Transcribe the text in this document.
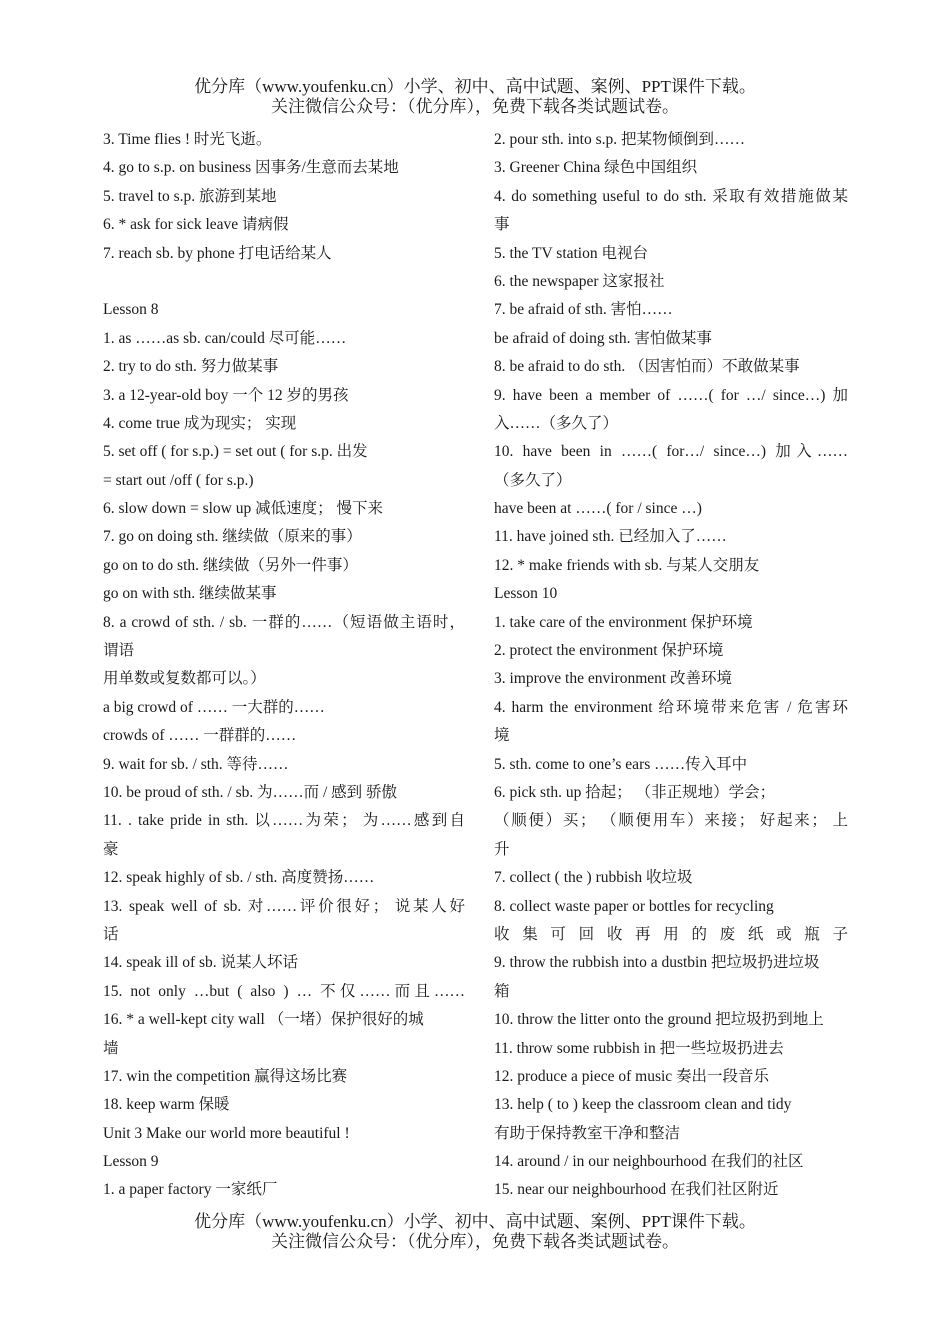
优分库（www.youfenku.cn）小学、初中、高中试题、案例、PPT课件下载。
关注微信公众号：（优分库），免费下载各类试题试卷。
3. Time flies ! 时光飞逝。
4. go to s.p. on business 因事务/生意而去某地
5. travel to s.p. 旅游到某地
6. * ask for sick leave 请病假
7. reach sb. by phone 打电话给某人
Lesson 8
1. as ……as sb. can/could 尽可能……
2. try to do sth. 努力做某事
3. a 12-year-old boy 一个 12 岁的男孩
4. come true 成为现实； 实现
5. set off ( for s.p.) = set out ( for s.p. 出发
= start out /off ( for s.p.)
6. slow down = slow up 减低速度； 慢下来
7. go on doing sth. 继续做（原来的事）
go on to do sth. 继续做（另外一件事）
go on with sth. 继续做某事
8. a crowd of sth. / sb. 一群的……（短语做主语时，
谓语
用单数或复数都可以。）
a big crowd of …… 一大群的……
crowds of …… 一群群的……
9. wait for sb. / sth. 等待……
10. be proud of sth. / sb. 为……而 / 感到 骄傲
11. . take pride in sth. 以……为荣； 为……感到自
豪
12. speak highly of sb. / sth. 高度赞扬……
13. speak well of sb. 对……评价很好； 说某人好
话
14. speak ill of sb. 说某人坏话
15. not only …but ( also ) … 不仅……而且……
16. * a well-kept city wall （一堵）保护很好的城
墙
17. win the competition 赢得这场比赛
18. keep warm 保暖
Unit 3 Make our world more beautiful !
Lesson 9
1. a paper factory 一家纸厂
2. pour sth. into s.p. 把某物倾倒到……
3. Greener China 绿色中国组织
4. do something useful to do sth. 采取有效措施做某
事
5. the TV station 电视台
6. the newspaper 这家报社
7. be afraid of sth. 害怕……
be afraid of doing sth. 害怕做某事
8. be afraid to do sth. （因害怕而）不敢做某事
9. have been a member of ……( for …/ since…) 加
入……（多久了）
10. have been in ……( for…/ since…) 加入……
（多久了）
have been at ……( for / since …)
11. have joined sth. 已经加入了……
12. * make friends with sb. 与某人交朋友
Lesson 10
1. take care of the environment 保护环境
2. protect the environment 保护环境
3. improve the environment 改善环境
4. harm the environment 给环境带来危害 / 危害环
境
5. sth. come to one’s ears ……传入耳中
6. pick sth. up 拾起； （非正规地）学会；
（顺便）买； （顺便用车）来接； 好起来； 上
升
7. collect ( the ) rubbish 收垃圾
8. collect waste paper or bottles for recycling
收集可回收再用的废纸或瓶子
9. throw the rubbish into a dustbin 把垃圾扔进垃圾
箱
10. throw the litter onto the ground 把垃圾扔到地上
11. throw some rubbish in 把一些垃圾扔进去
12. produce a piece of music 奏出一段音乐
13. help ( to ) keep the classroom clean and tidy
有助于保持教室干净和整洁
14. around / in our neighbourhood 在我们的社区
15. near our neighbourhood 在我们社区附近
优分库（www.youfenku.cn）小学、初中、高中试题、案例、PPT课件下载。
关注微信公众号：（优分库），免费下载各类试题试卷。
